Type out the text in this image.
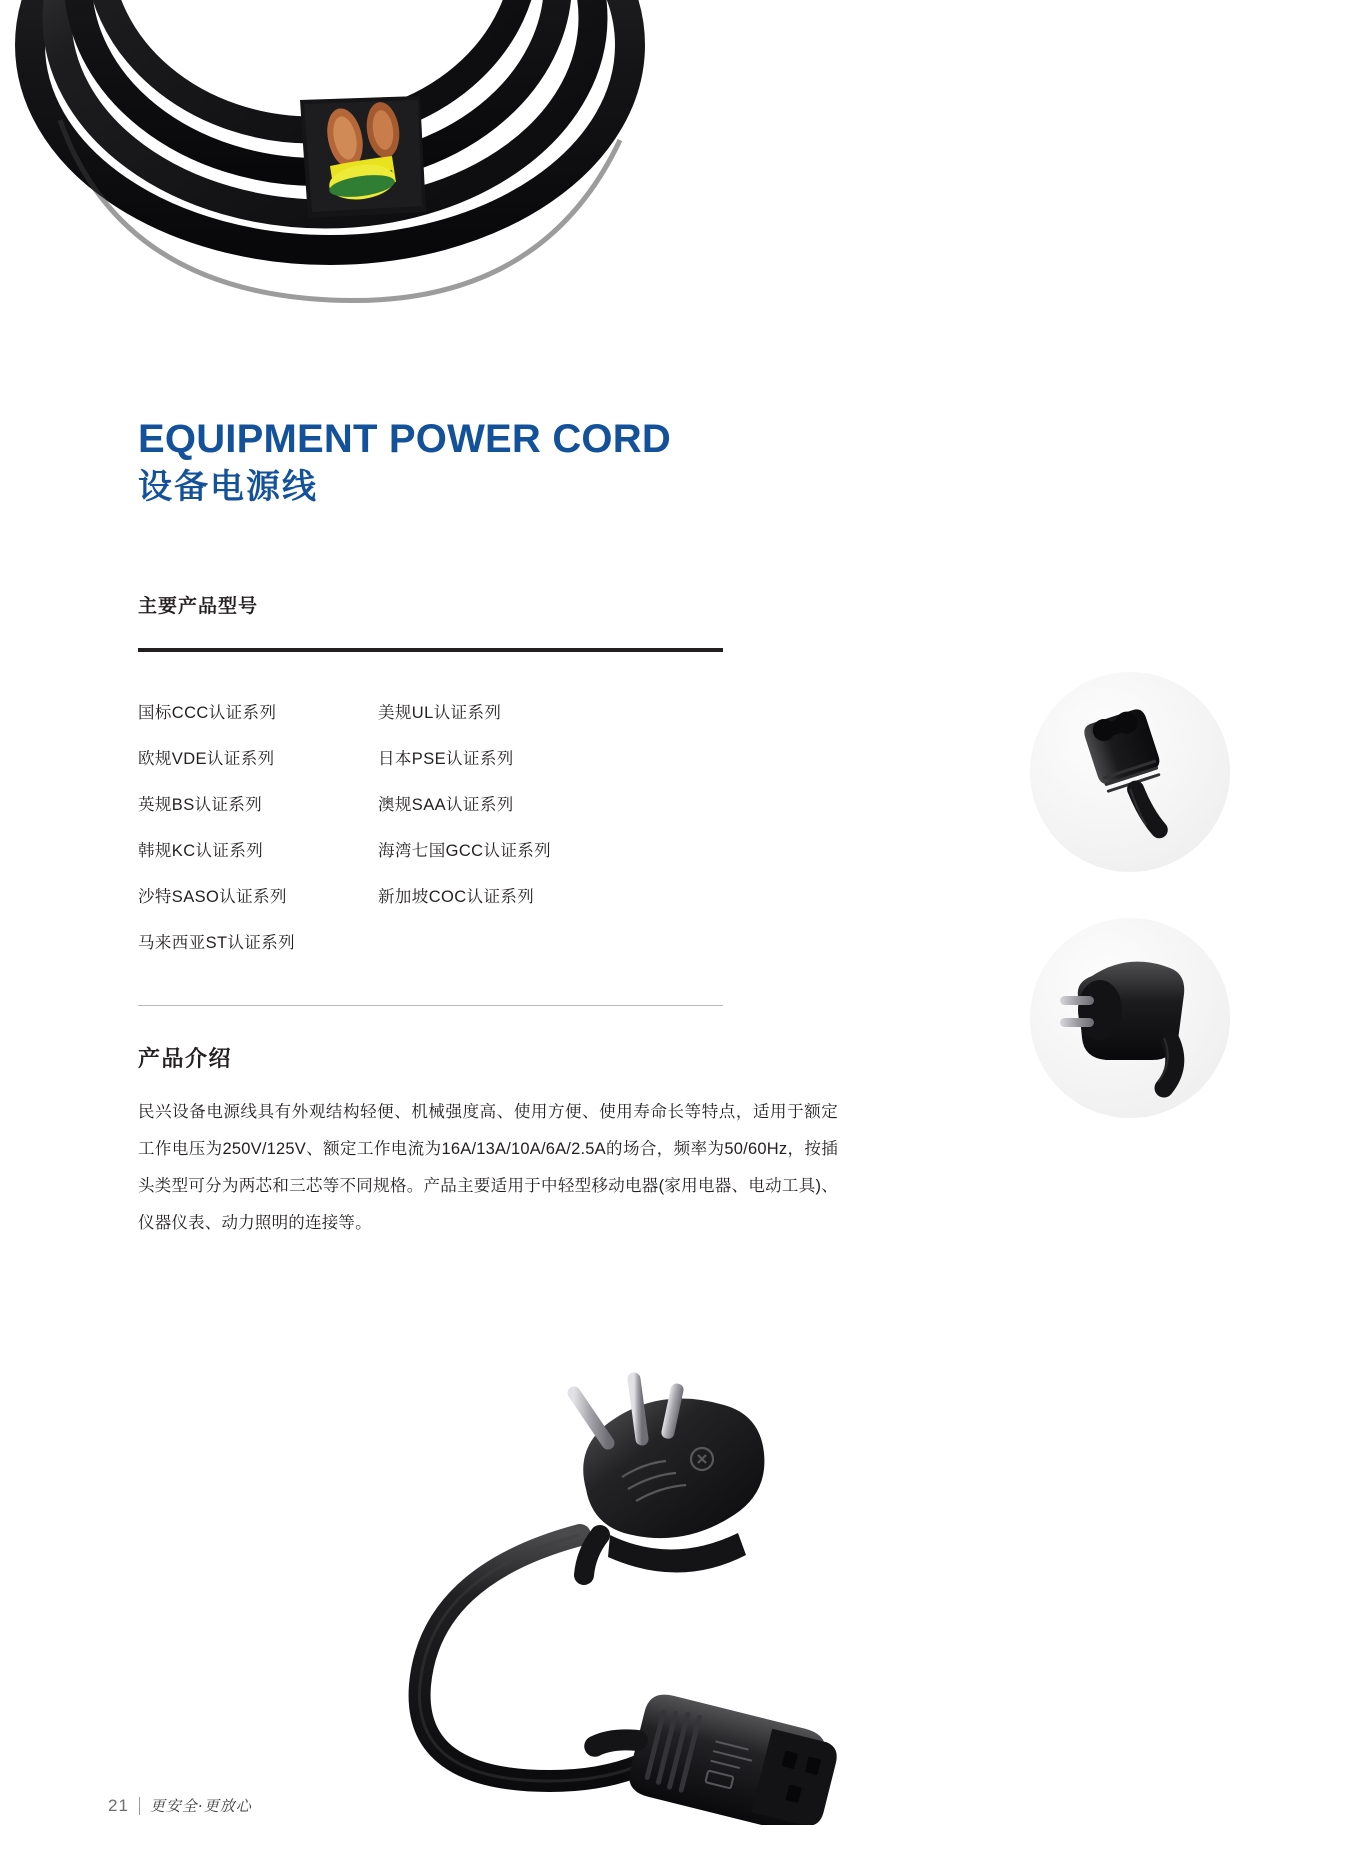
EQUIPMENT POWER CORD
设备电源线
主要产品型号
国标CCC认证系列
欧规VDE认证系列
英规BS认证系列
韩规KC认证系列
沙特SASO认证系列
马来西亚ST认证系列
美规UL认证系列
日本PSE认证系列
澳规SAA认证系列
海湾七国GCC认证系列
新加坡COC认证系列
产品介绍
民兴设备电源线具有外观结构轻便、机械强度高、使用方便、使用寿命长等特点，适用于额定工作电压为250V/125V、额定工作电流为16A/13A/10A/6A/2.5A的场合，频率为50/60Hz，按插头类型可分为两芯和三芯等不同规格。产品主要适用于中轻型移动电器(家用电器、电动工具)、仪器仪表、动力照明的连接等。
21 更安全·更放心
